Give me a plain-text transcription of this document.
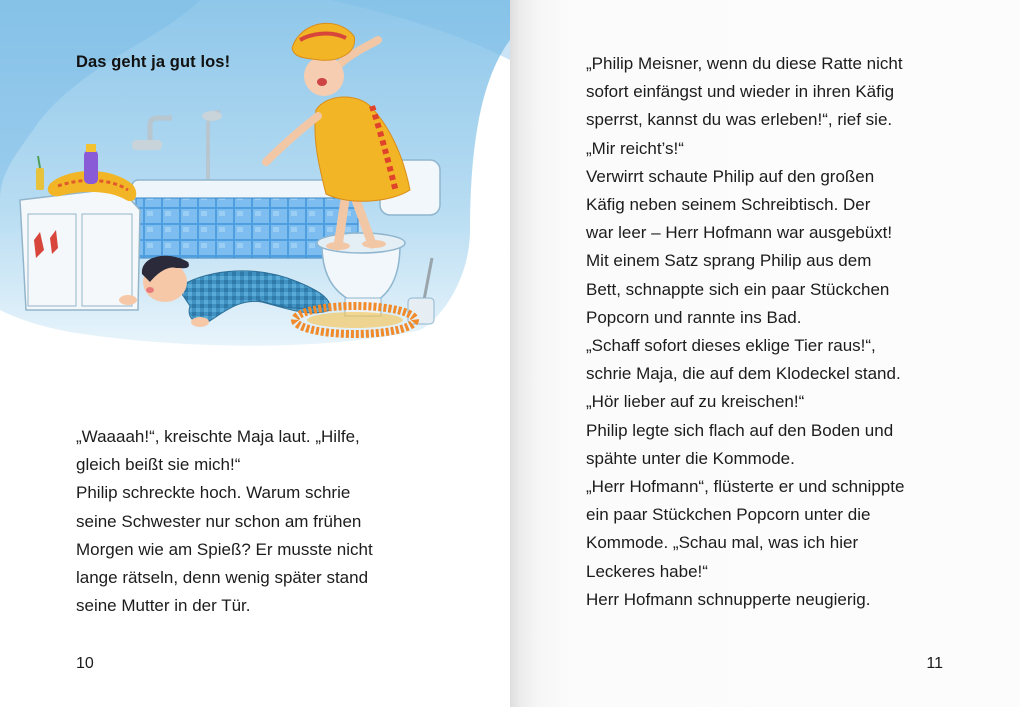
Das geht ja gut los!
„Waaaah!“, kreischte Maja laut. „Hilfe,
gleich beißt sie mich!“
Philip schreckte hoch. Warum schrie
seine Schwester nur schon am frühen
Morgen wie am Spieß? Er musste nicht
lange rätseln, denn wenig später stand
seine Mutter in der Tür.
10
„Philip Meisner, wenn du diese Ratte nicht
sofort einfängst und wieder in ihren Käfig
sperrst, kannst du was erleben!“, rief sie.
„Mir reicht’s!“
Verwirrt schaute Philip auf den großen
Käfig neben seinem Schreibtisch. Der
war leer – Herr Hofmann war ausgebüxt!
Mit einem Satz sprang Philip aus dem
Bett, schnappte sich ein paar Stückchen
Popcorn und rannte ins Bad.
„Schaff sofort dieses eklige Tier raus!“,
schrie Maja, die auf dem Klodeckel stand.
„Hör lieber auf zu kreischen!“
Philip legte sich flach auf den Boden und
spähte unter die Kommode.
„Herr Hofmann“, flüsterte er und schnippte
ein paar Stückchen Popcorn unter die
Kommode. „Schau mal, was ich hier
Leckeres habe!“
Herr Hofmann schnupperte neugierig.
11
